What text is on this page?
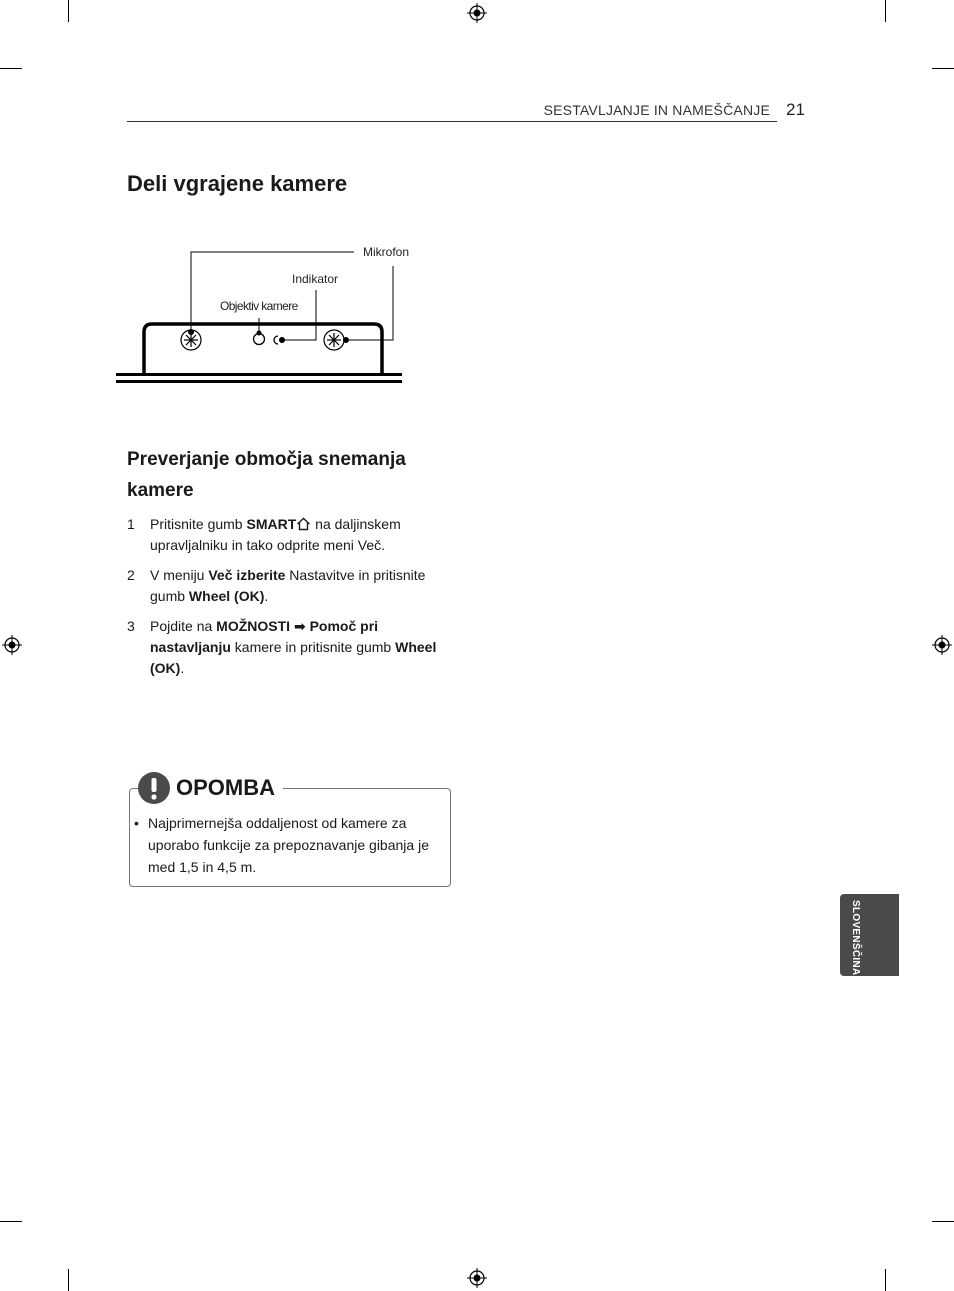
SESTAVLJANJE IN NAMEŠČANJE 21
Deli vgrajene kamere
Mikrofon
Indikator
Objektiv kamere
Preverjanje območja snemanja kamere
1 Pritisnite gumb SMART na daljinskem upravljalniku in tako odprite meni Več.
2 V meniju Več izberite Nastavitve in pritisnite gumb Wheel (OK).
3 Pojdite na MOŽNOSTI ➡ Pomoč pri nastavljanju kamere in pritisnite gumb Wheel (OK).
OPOMBA
• Najprimernejša oddaljenost od kamere za uporabo funkcije za prepoznavanje gibanja je med 1,5 in 4,5 m.
SLOVENŠČINA
